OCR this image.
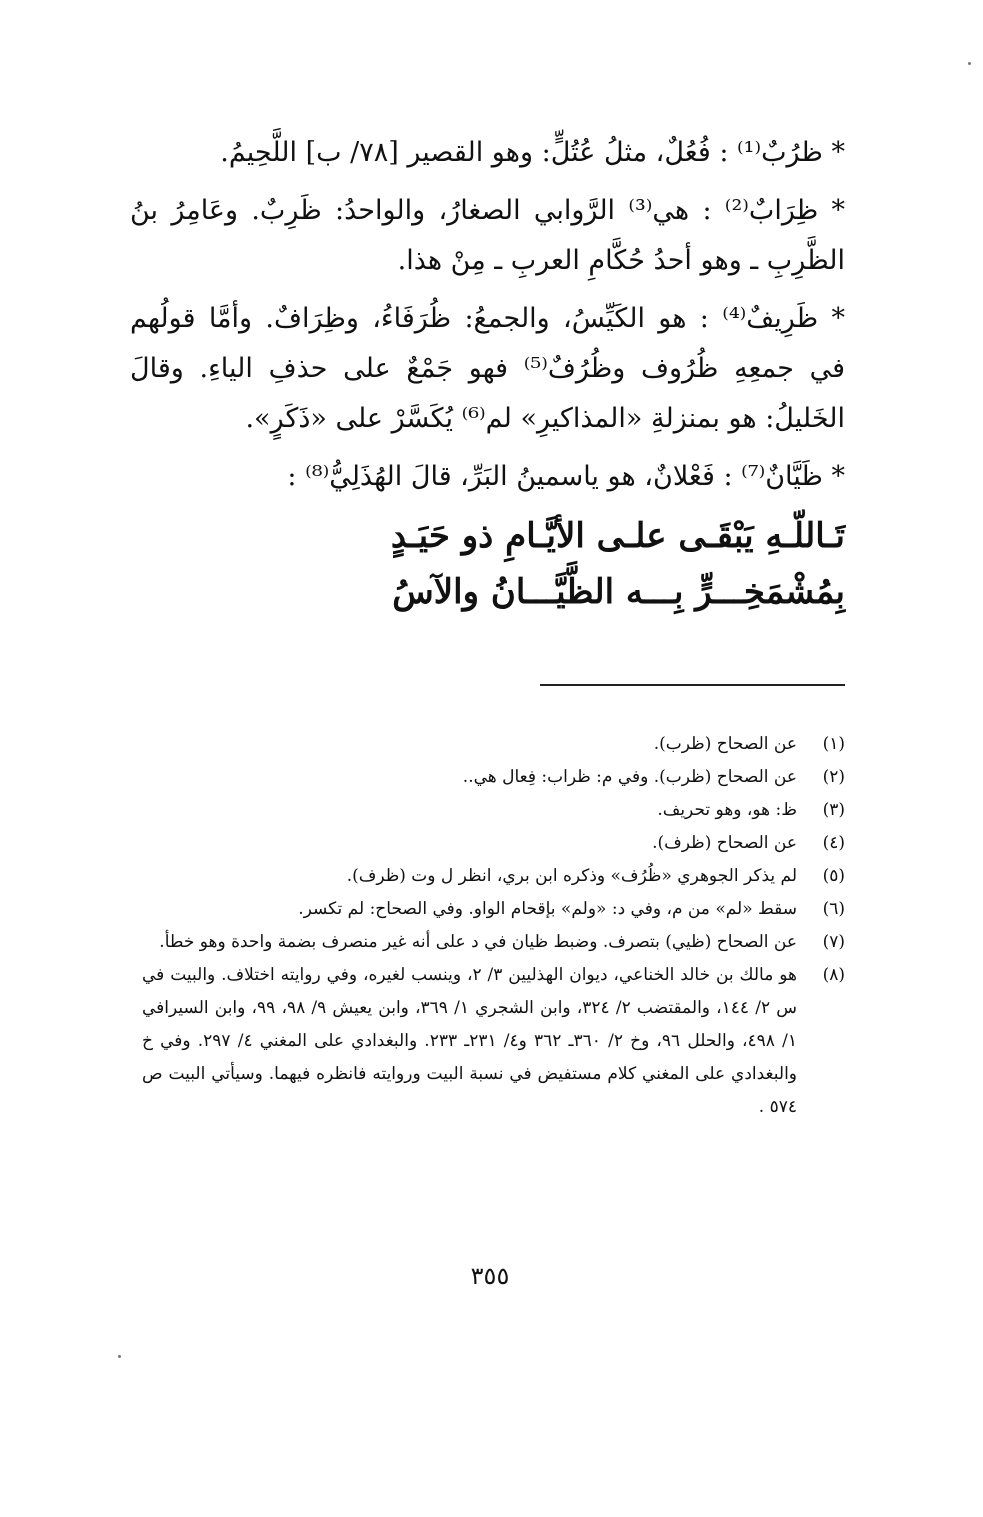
* ظرُبٌ⁽¹⁾ : فُعُلٌ، مثلُ عُتُلٍّ: وهو القصير [٧٨/ ب] اللَّحِيمُ.

* ظِرَابٌ⁽²⁾ : هي⁽³⁾ الرَّوابي الصغارُ، والواحدُ: ظَرِبٌ. وعَامِرُ بنُ الظَّرِبِ ـ وهو أحدُ حُكَّامِ العربِ ـ مِنْ هذا.

* ظَرِيفٌ⁽⁴⁾ : هو الكَيِّسُ، والجمعُ: ظُرَفَاءُ، وظِرَافٌ. وأمَّا قولُهم في جمعِهِ ظُرُوف وظُرُفٌ⁽⁵⁾ فهو جَمْعٌ على حذفِ الياءِ. وقالَ الخَليلُ: هو بمنزلةِ «المذاكيرِ» لم⁽⁶⁾ يُكَسَّرْ على «ذَكَرٍ».

* ظَيَّانٌ⁽⁷⁾ : فَعْلانٌ، هو ياسمينُ البَرِّ، قالَ الهُذَلِيُّ⁽⁸⁾ :

تَـاللّـهِ يَبْقَـى علـى الأيَّـامِ ذو حَيَـدٍ
بِمُشْمَخِـــرٍّ بِـــه الظَّيَّـــانُ والآسُ
(١)
عن الصحاح (ظرب).
(٢)
عن الصحاح (ظرب). وفي م: ظراب: فِعال هي..
(٣)
ظ: هو، وهو تحريف.
(٤)
عن الصحاح (ظرف).
(٥)
لم يذكر الجوهري «ظُرُف» وذكره ابن بري، انظر ل وت (ظرف).
(٦)
سقط «لم» من م، وفي د: «ولم» بإقحام الواو. وفي الصحاح: لم تكسر.
(٧)
عن الصحاح (ظيي) بتصرف. وضبط ظيان في د على أنه غير منصرف بضمة واحدة وهو خطأ.
(٨)
هو مالك بن خالد الخناعي، ديوان الهذليين ٣/ ٢، وينسب لغيره، وفي روايته اختلاف. والبيت في س ٢/ ١٤٤، والمقتضب ٢/ ٣٢٤، وابن الشجري ١/ ٣٦٩، وابن يعيش ٩/ ٩٨، ٩٩، وابن السيرافي ١/ ٤٩٨، والحلل ٩٦، وخ ٢/ ٣٦٠ـ ٣٦٢ و٤/ ٢٣١ـ ٢٣٣. والبغدادي على المغني ٤/ ٢٩٧. وفي خ والبغدادي على المغني كلام مستفيض في نسبة البيت وروايته فانظره فيهما. وسيأتي البيت ص ٥٧٤ .
٣٥٥
